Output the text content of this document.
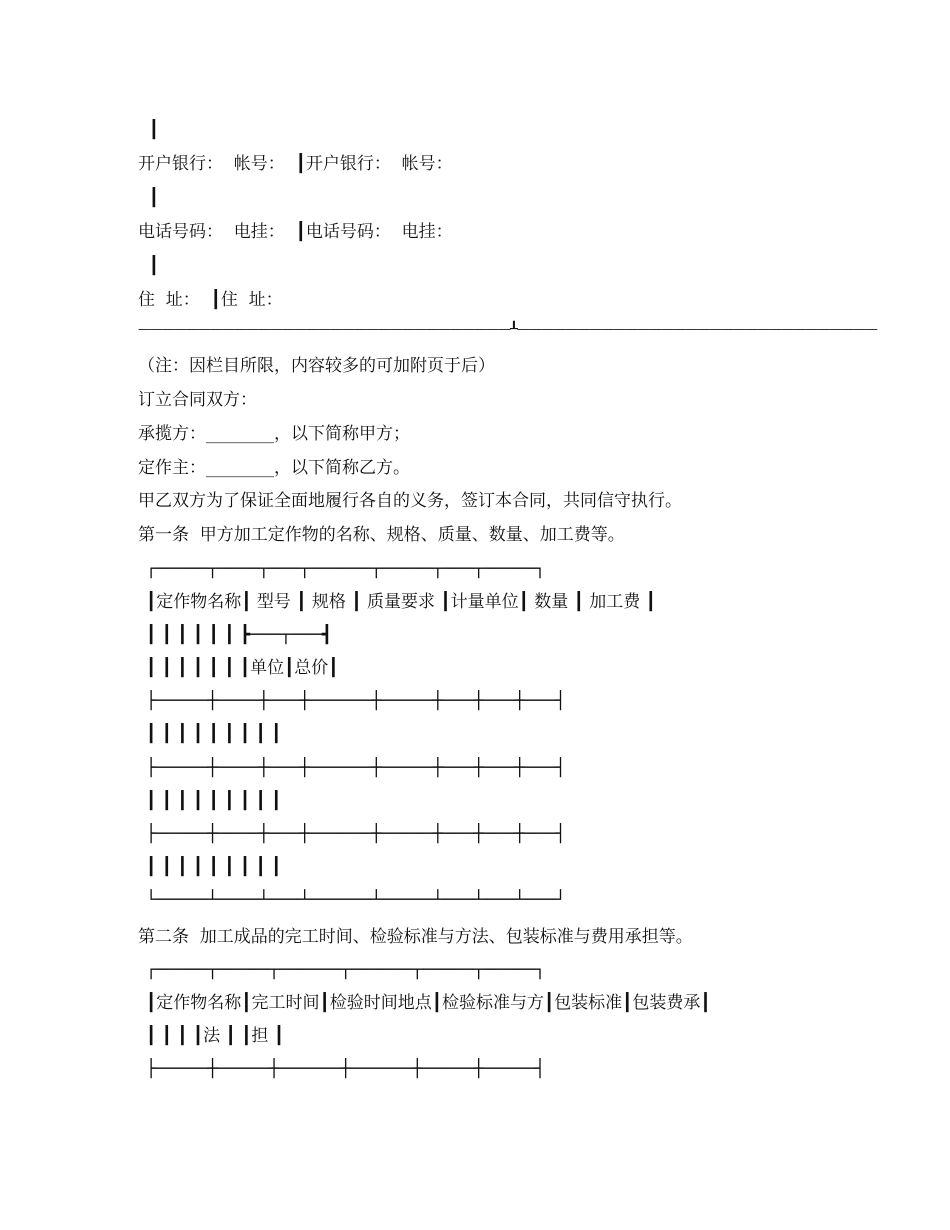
┃
开户银行：  帐号：  ┃开户银行：  帐号：
┃
电话号码：  电挂：  ┃电话号码：  电挂：
┃
住  址：  ┃住  址：
———————————————————————————————┸——————————————————————————————
（注：因栏目所限，内容较多的可加附页于后）
订立合同双方：
承揽方：________，以下简称甲方；
定作主：________，以下简称乙方。
甲乙双方为了保证全面地履行各自的义务，签订本合同，共同信守执行。
第一条  甲方加工定作物的名称、规格、质量、数量、加工费等。
┌─────┬────┬───┬──────┬─────┬───┬─────┐
┃定作物名称┃ 型号 ┃ 规格 ┃ 质量要求 ┃计量单位┃ 数量 ┃ 加工费 ┃
┃ ┃ ┃ ┃ ┃ ┃ ┣───┬───┫
┃ ┃ ┃ ┃ ┃ ┃ ┃单位┃总价┃
├─────┼────┼───┼──────┼─────┼───┼───┼───┤
┃ ┃ ┃ ┃ ┃ ┃ ┃ ┃ ┃
├─────┼────┼───┼──────┼─────┼───┼───┼───┤
┃ ┃ ┃ ┃ ┃ ┃ ┃ ┃ ┃
├─────┼────┼───┼──────┼─────┼───┼───┼───┤
┃ ┃ ┃ ┃ ┃ ┃ ┃ ┃ ┃
└─────┴────┴───┴──────┴─────┴───┴───┴───┘
第二条  加工成品的完工时间、检验标准与方法、包装标准与费用承担等。
┌─────┬─────┬──────┬──────┬─────┬─────┐
┃定作物名称┃完工时间┃检验时间地点┃检验标准与方┃包装标准┃包装费承┃
┃ ┃ ┃ ┃法 ┃ ┃担 ┃
├─────┼─────┼──────┼──────┼─────┼─────┤
